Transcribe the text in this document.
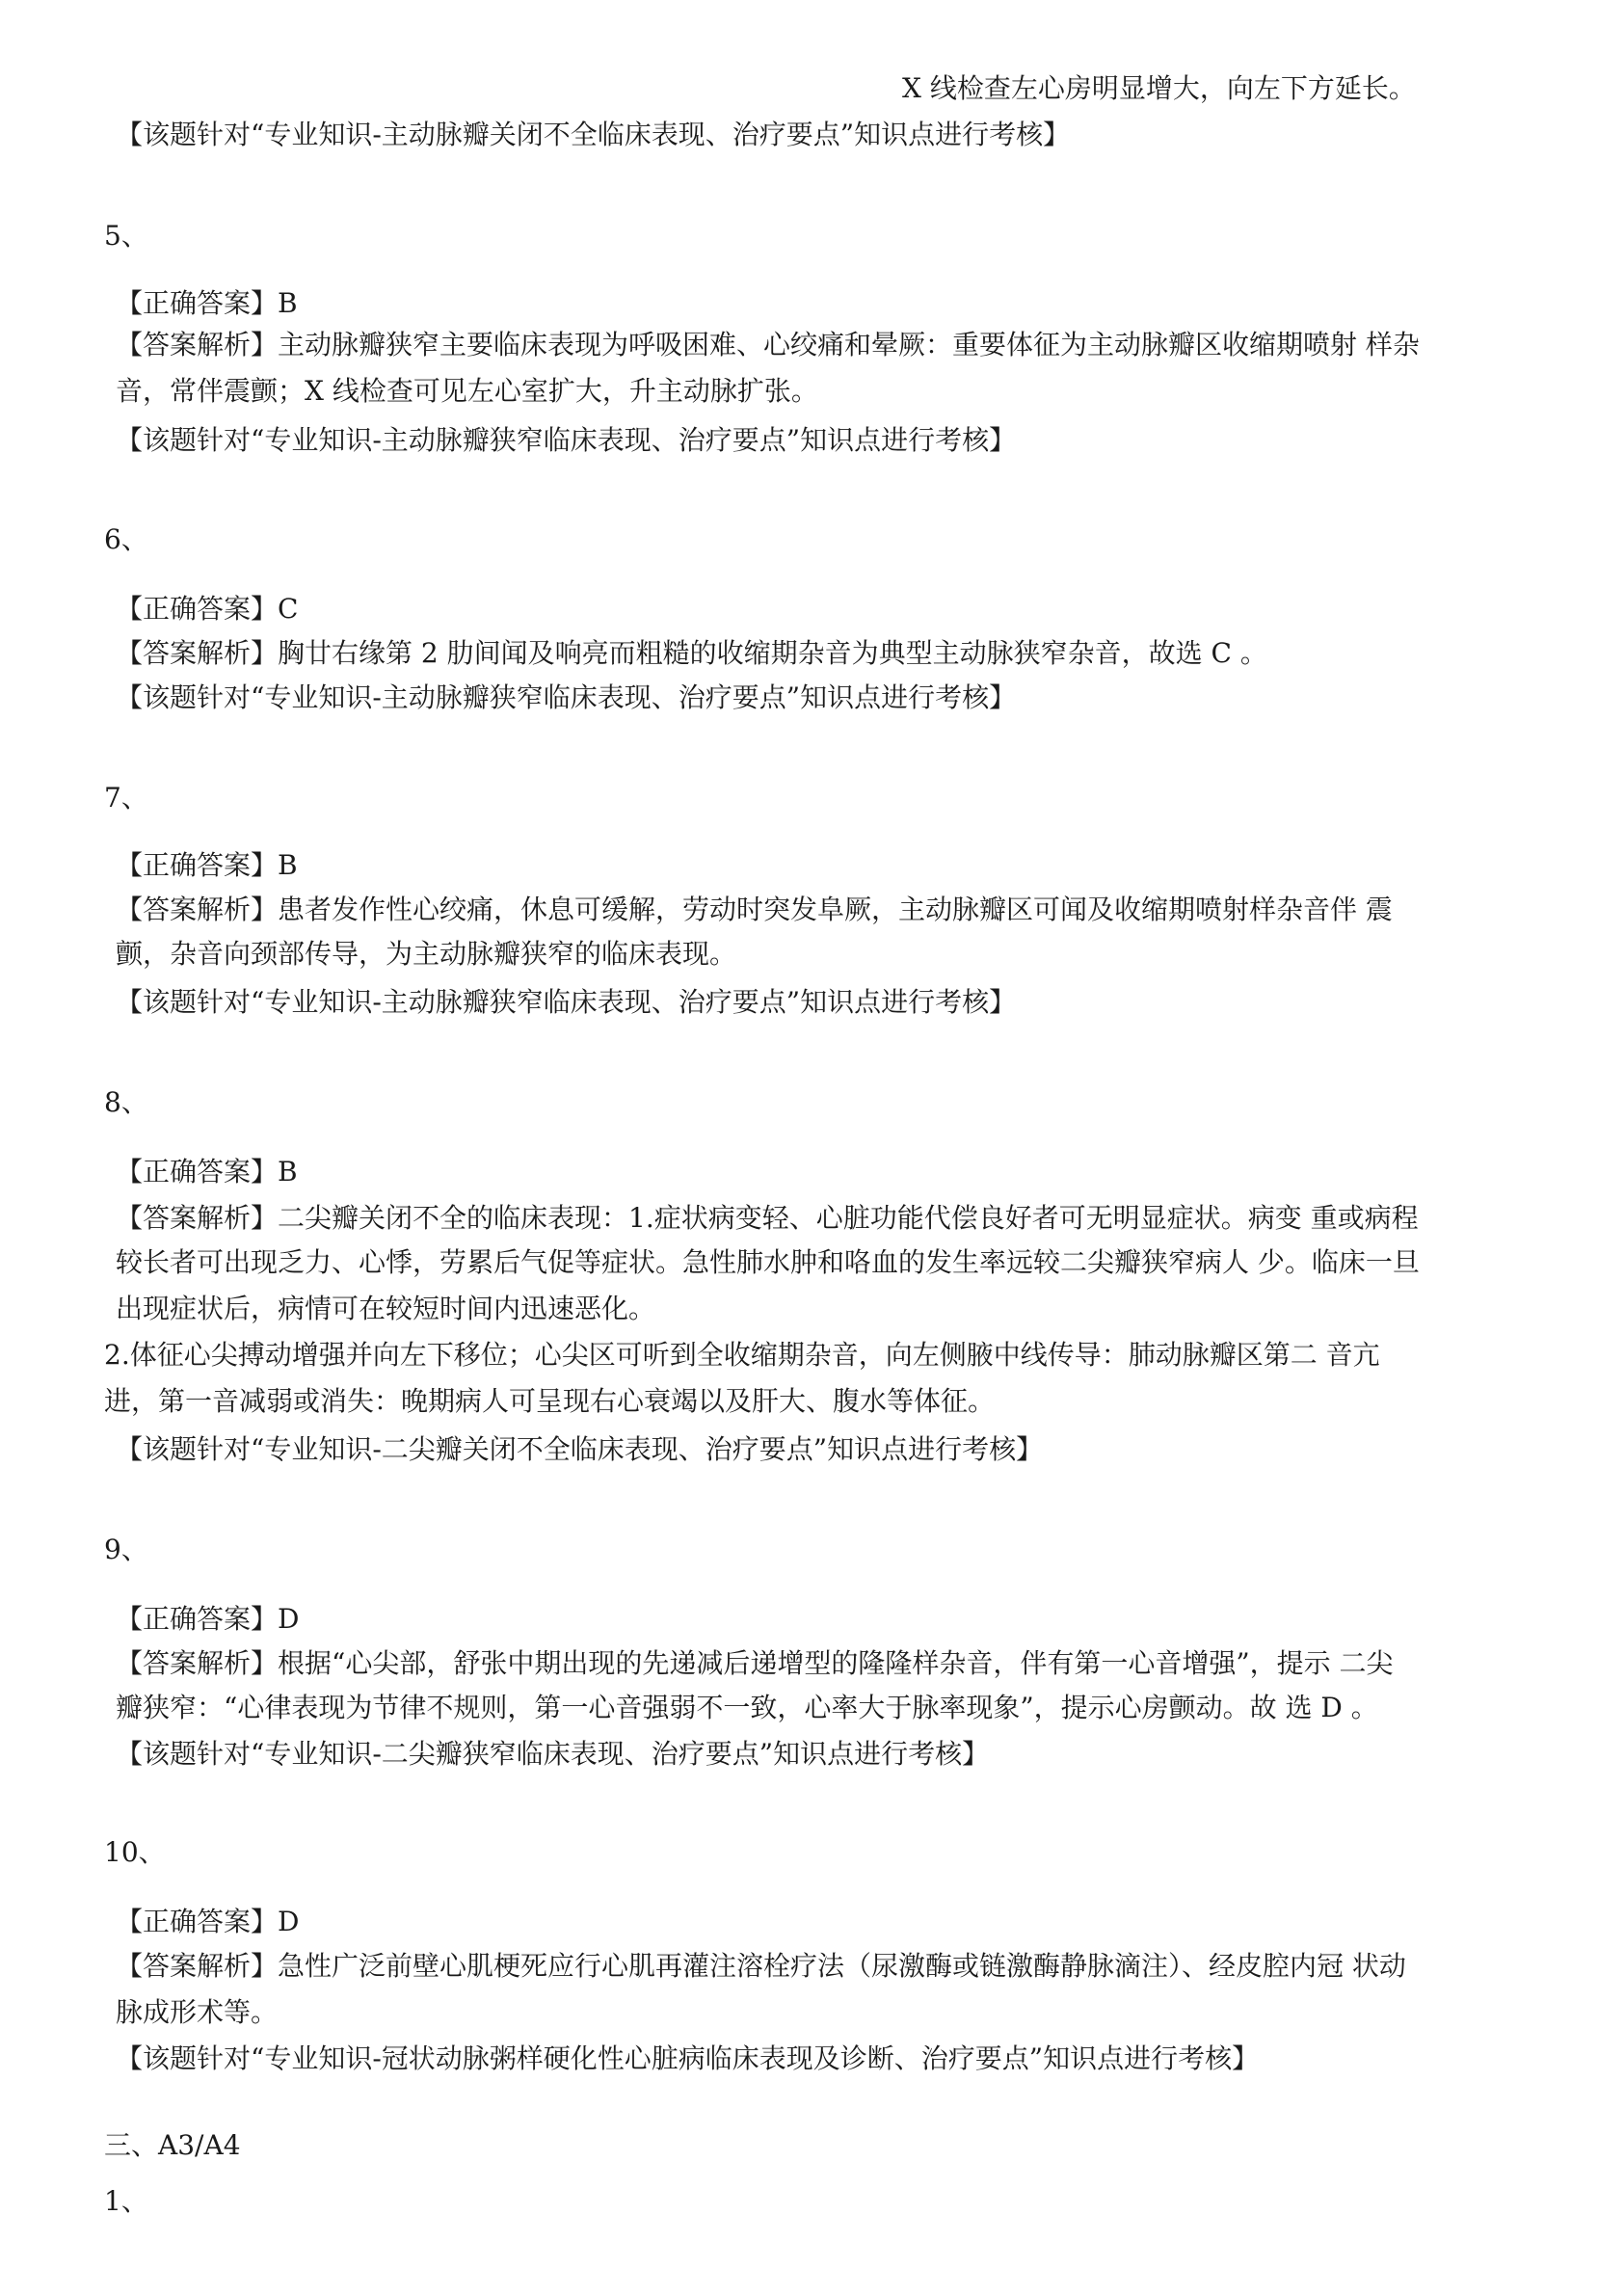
X 线检查左心房明显增大，向左下方延长。
【该题针对“专业知识-主动脉瓣关闭不全临床表现、治疗要点”知识点进行考核】
5、
【正确答案】B
【答案解析】主动脉瓣狭窄主要临床表现为呼吸困难、心绞痛和晕厥：重要体征为主动脉瓣区收缩期喷射 样杂
音，常伴震颤；X 线检查可见左心室扩大，升主动脉扩张。
【该题针对“专业知识-主动脉瓣狭窄临床表现、治疗要点”知识点进行考核】
6、
【正确答案】C
【答案解析】胸廿右缘第 2 肋间闻及响亮而粗糙的收缩期杂音为典型主动脉狭窄杂音，故选 C 。
【该题针对“专业知识-主动脉瓣狭窄临床表现、治疗要点”知识点进行考核】
7、
【正确答案】B
【答案解析】患者发作性心绞痛，休息可缓解，劳动时突发阜厥，主动脉瓣区可闻及收缩期喷射样杂音伴 震
颤，杂音向颈部传导，为主动脉瓣狭窄的临床表现。
【该题针对“专业知识-主动脉瓣狭窄临床表现、治疗要点”知识点进行考核】
8、
【正确答案】B
【答案解析】二尖瓣关闭不全的临床表现：1.症状病变轻、心脏功能代偿良好者可无明显症状。病变 重或病程
较长者可出现乏力、心悸，劳累后气促等症状。急性肺水肿和咯血的发生率远较二尖瓣狭窄病人 少。临床一旦
出现症状后，病情可在较短时间内迅速恶化。
2.体征心尖搏动增强并向左下移位；心尖区可听到全收缩期杂音，向左侧腋中线传导：肺动脉瓣区第二 音亢
进，第一音减弱或消失：晚期病人可呈现右心衰竭以及肝大、腹水等体征。
【该题针对“专业知识-二尖瓣关闭不全临床表现、治疗要点”知识点进行考核】
9、
【正确答案】D
【答案解析】根据“心尖部，舒张中期出现的先递减后递增型的隆隆样杂音，伴有第一心音增强”，提示 二尖
瓣狭窄：“心律表现为节律不规则，第一心音强弱不一致，心率大于脉率现象”，提示心房颤动。故 选 D 。
【该题针对“专业知识-二尖瓣狭窄临床表现、治疗要点”知识点进行考核】
10、
【正确答案】D
【答案解析】急性广泛前壁心肌梗死应行心肌再灌注溶栓疗法（尿激酶或链激酶静脉滴注）、经皮腔内冠 状动
脉成形术等。
【该题针对“专业知识-冠状动脉粥样硬化性心脏病临床表现及诊断、治疗要点”知识点进行考核】
三、A3/A4
1、
